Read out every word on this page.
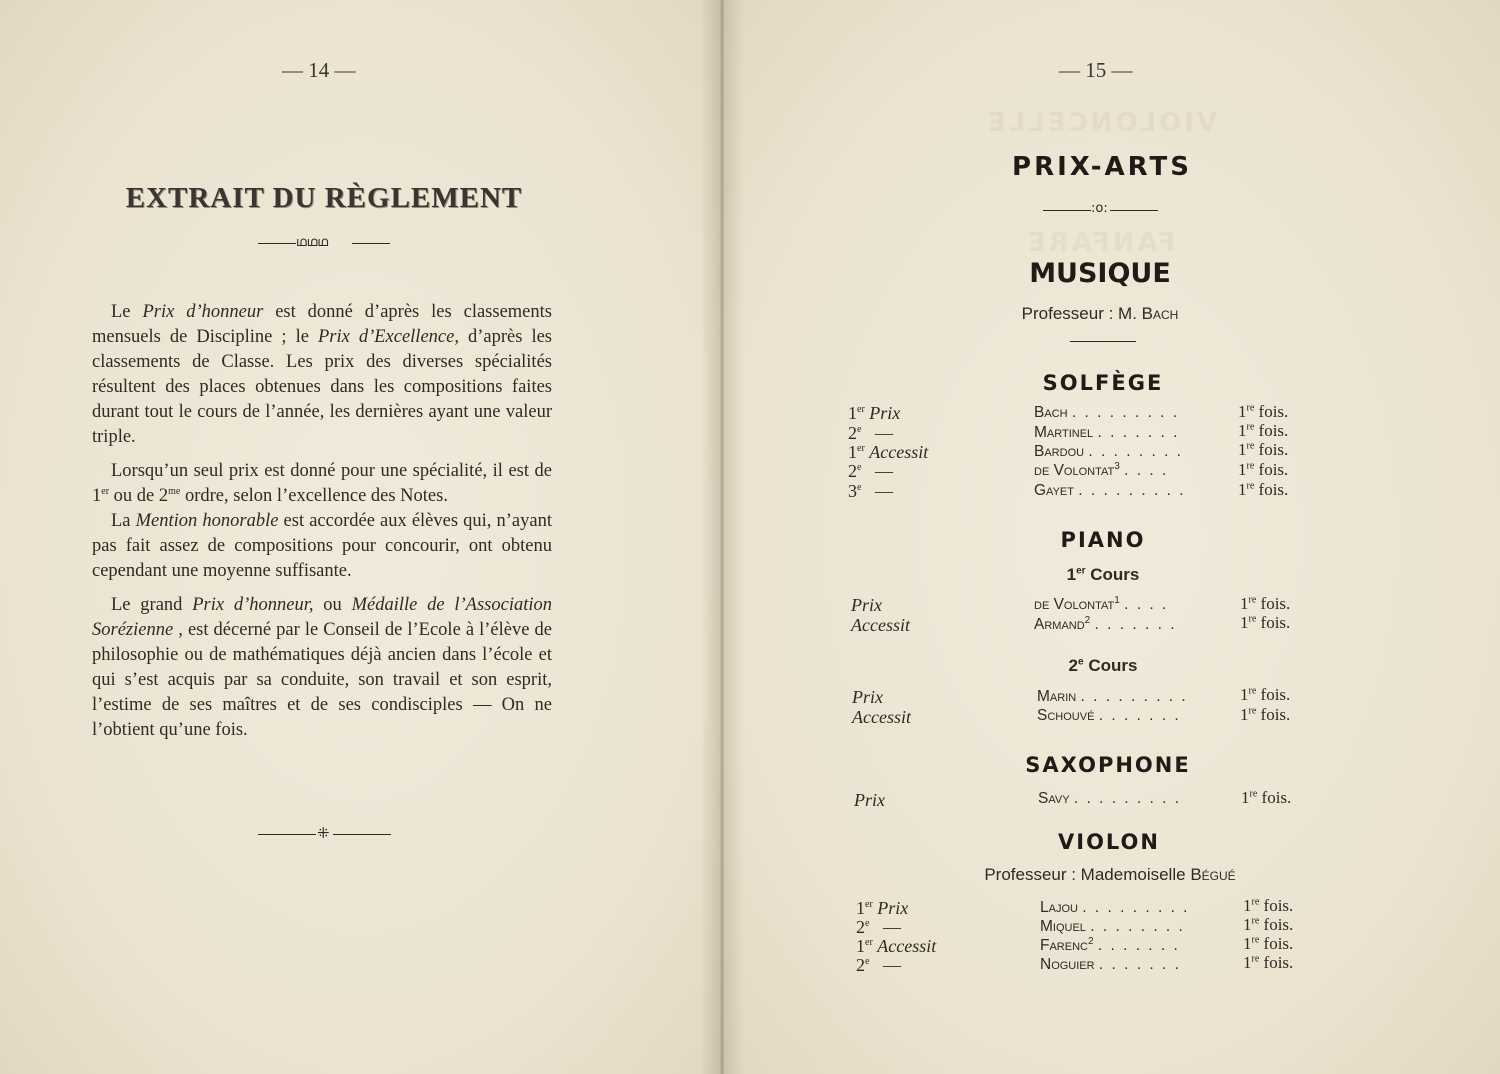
— 14 —
EXTRAIT DU RÈGLEMENT
ഥഥഥ

Le Prix d’honneur est donné d’après les classements mensuels de Discipline ; le Prix d’Excellence, d’après les classements de Classe. Les prix des diverses spécialités résultent des places obtenues dans les compositions faites durant tout le cours de l’année, les dernières ayant une valeur triple.

Lorsqu’un seul prix est donné pour une spécialité, il est de 1er ou de $2^{me}$ ordre, selon l’excellence des Notes.

La Mention honorable est accordée aux élèves qui, n’ayant pas fait assez de compositions pour concourir, ont obtenu cependant une moyenne suffisante.

Le grand Prix d’honneur, ou Médaille de l’Association Sorézienne , est décerné par le Conseil de l’Ecole à l’élève de philosophie ou de mathématiques déjà ancien dans l’école et qui s’est acquis par sa conduite, son travail et son esprit, l’estime de ses maîtres et de ses condisciples — On ne l’obtient qu’une fois.

⁜
VIOLONCELLE
FANFARE
— 15 —
PRIX-ARTS
:o:
MUSIQUE
Professeur : M. Bach
SOLFÈGE
1er Prix	Bach . . . . . . . . .	1re fois.
2e —	Martinel . . . . . . .	1re fois.
1er Accessit	Bardou . . . . . . . .	1re fois.
2e —	de Volontat$^3$ . . . .	1re fois.
3e —	Gayet . . . . . . . . .	1re fois.
PIANO
1er Cours
Prix	de Volontat$^1$ . . . .	1re fois.
Accessit	Armand$^2$ . . . . . . .	1re fois.
2e Cours
Prix	Marin . . . . . . . . .	1re fois.
Accessit	Schouvé . . . . . . .	1re fois.
SAXOPHONE
Prix	Savy . . . . . . . . .	1re fois.
VIOLON
Professeur : Mademoiselle Bégué
1er Prix	Lajou . . . . . . . . .	1re fois.
2e —	Miquel . . . . . . . .	1re fois.
1er Accessit	Farenc$^2$ . . . . . . .	1re fois.
2e —	Noguier . . . . . . .	1re fois.
